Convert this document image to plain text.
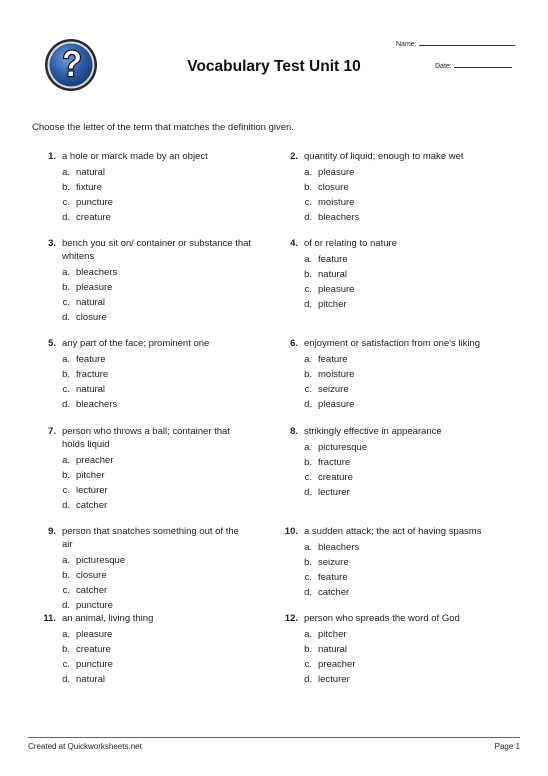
Vocabulary Test Unit 10
Name:
Date:
Choose the letter of the term that matches the definition given.
1. a hole or marck made by an object
a. natural
b. fixture
c. puncture
d. creature
2. quantity of liquid; enough to make wet
a. pleasure
b. closure
c. moisture
d. bleachers
3. bench you sit on/ container or substance that whitens
a. bleachers
b. pleasure
c. natural
d. closure
4. of or relating to nature
a. feature
b. natural
c. pleasure
d. pitcher
5. any part of the face; prominent one
a. feature
b. fracture
c. natural
d. bleachers
6. enjoyment or satisfaction from one's liking
a. feature
b. moisture
c. seizure
d. pleasure
7. person who throws a ball; container that holds liquid
a. preacher
b. pitcher
c. lecturer
d. catcher
8. strikingly effective in appearance
a. picturesque
b. fracture
c. creature
d. lecturer
9. person that snatches something out of the air
a. picturesque
b. closure
c. catcher
d. puncture
10. a sudden attack; the act of having spasms
a. bleachers
b. seizure
c. feature
d. catcher
11. an animal, living thing
a. pleasure
b. creature
c. puncture
d. natural
12. person who spreads the word of God
a. pitcher
b. natural
c. preacher
d. lecturer
Created at Quickworksheets.net	Page 1
